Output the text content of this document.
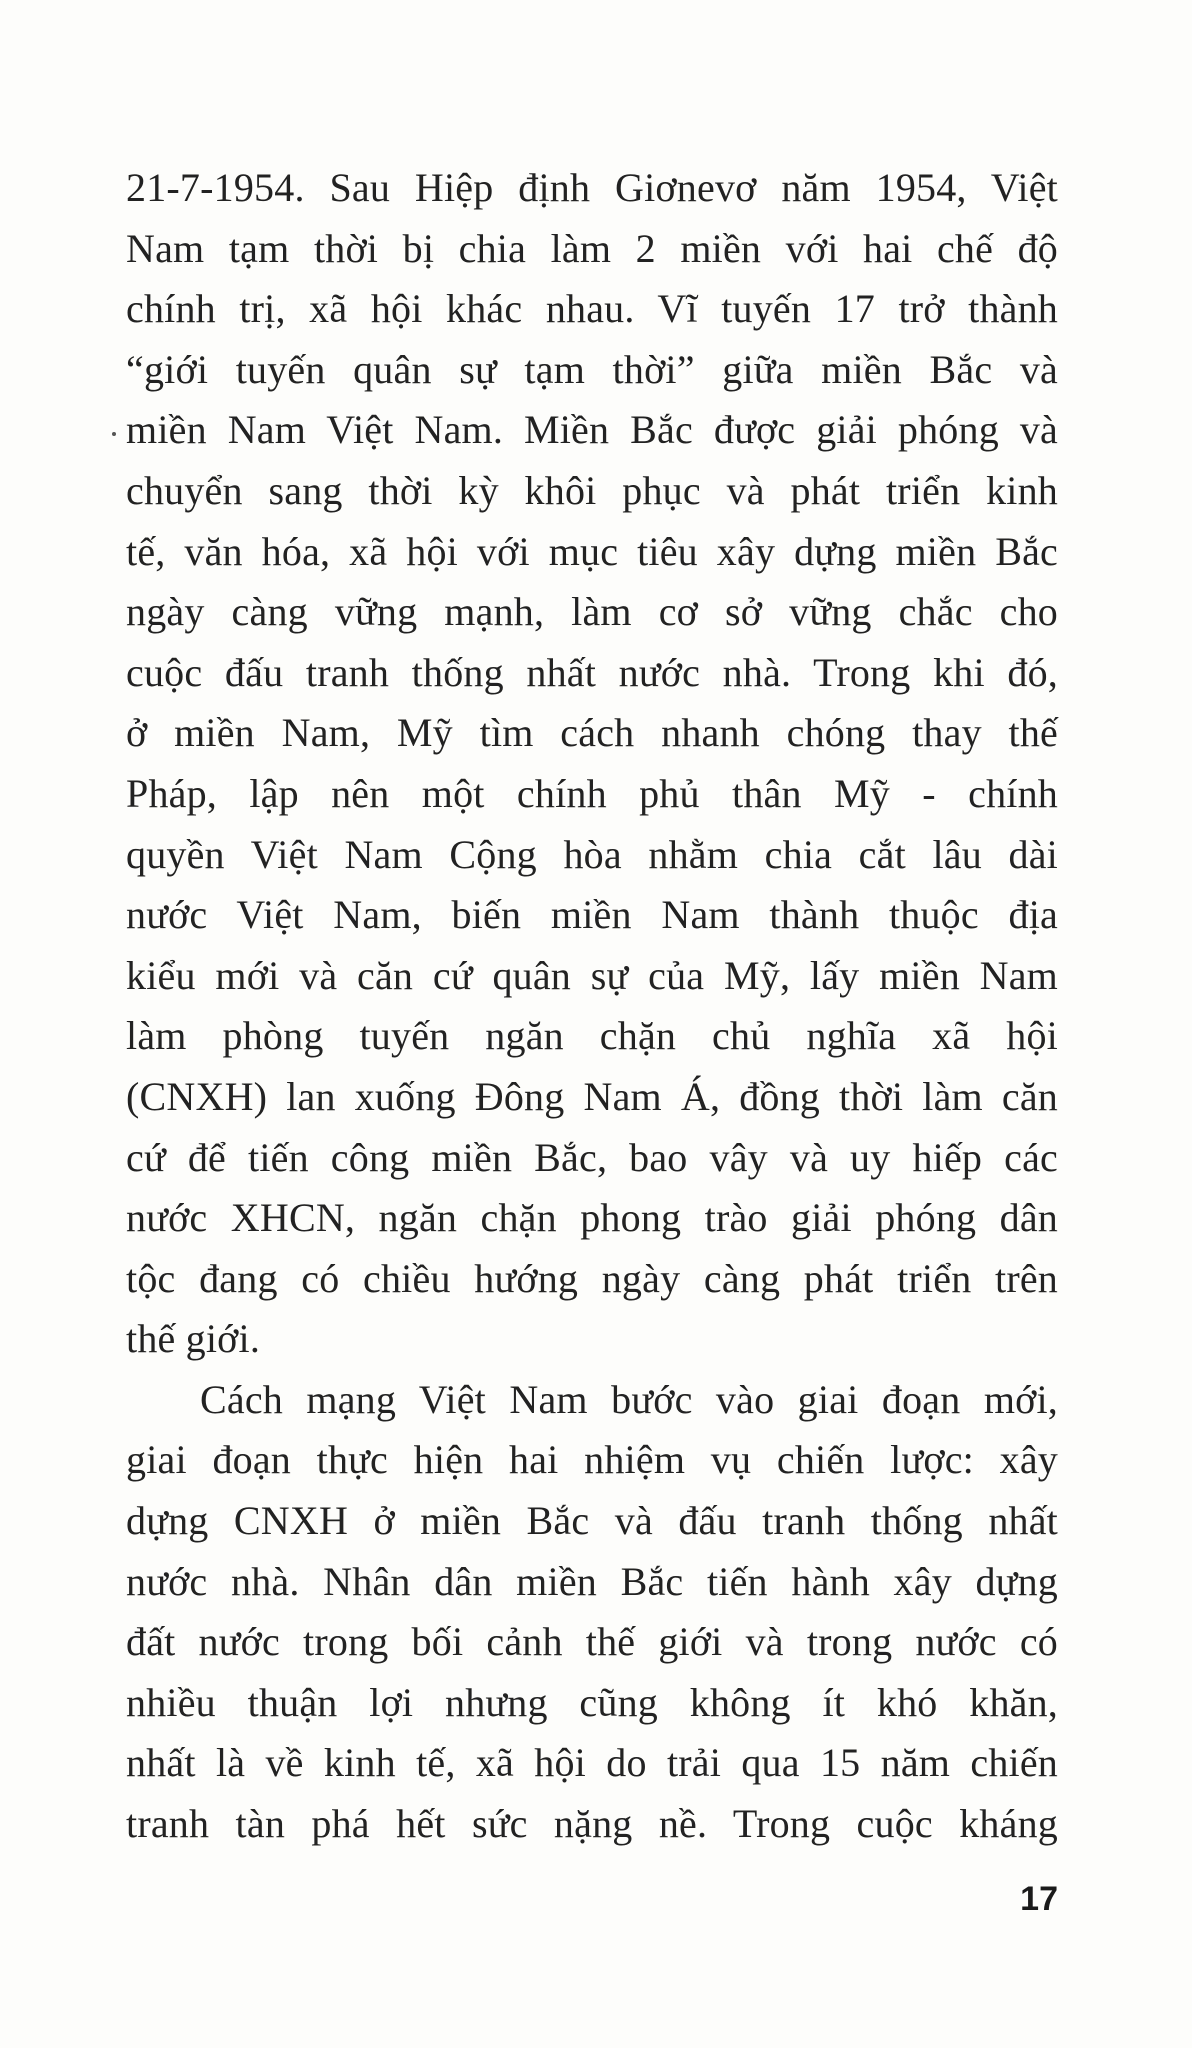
21-7-1954. Sau Hiệp định Giơnevơ năm 1954, Việt
Nam tạm thời bị chia làm 2 miền với hai chế độ
chính trị, xã hội khác nhau. Vĩ tuyến 17 trở thành
“giới tuyến quân sự tạm thời” giữa miền Bắc và
miền Nam Việt Nam. Miền Bắc được giải phóng và
chuyển sang thời kỳ khôi phục và phát triển kinh
tế, văn hóa, xã hội với mục tiêu xây dựng miền Bắc
ngày càng vững mạnh, làm cơ sở vững chắc cho
cuộc đấu tranh thống nhất nước nhà. Trong khi đó,
ở miền Nam, Mỹ tìm cách nhanh chóng thay thế
Pháp, lập nên một chính phủ thân Mỹ - chính
quyền Việt Nam Cộng hòa nhằm chia cắt lâu dài
nước Việt Nam, biến miền Nam thành thuộc địa
kiểu mới và căn cứ quân sự của Mỹ, lấy miền Nam
làm phòng tuyến ngăn chặn chủ nghĩa xã hội
(CNXH) lan xuống Đông Nam Á, đồng thời làm căn
cứ để tiến công miền Bắc, bao vây và uy hiếp các
nước XHCN, ngăn chặn phong trào giải phóng dân
tộc đang có chiều hướng ngày càng phát triển trên
thế giới.
Cách mạng Việt Nam bước vào giai đoạn mới,
giai đoạn thực hiện hai nhiệm vụ chiến lược: xây
dựng CNXH ở miền Bắc và đấu tranh thống nhất
nước nhà. Nhân dân miền Bắc tiến hành xây dựng
đất nước trong bối cảnh thế giới và trong nước có
nhiều thuận lợi nhưng cũng không ít khó khăn,
nhất là về kinh tế, xã hội do trải qua 15 năm chiến
tranh tàn phá hết sức nặng nề. Trong cuộc kháng
17
